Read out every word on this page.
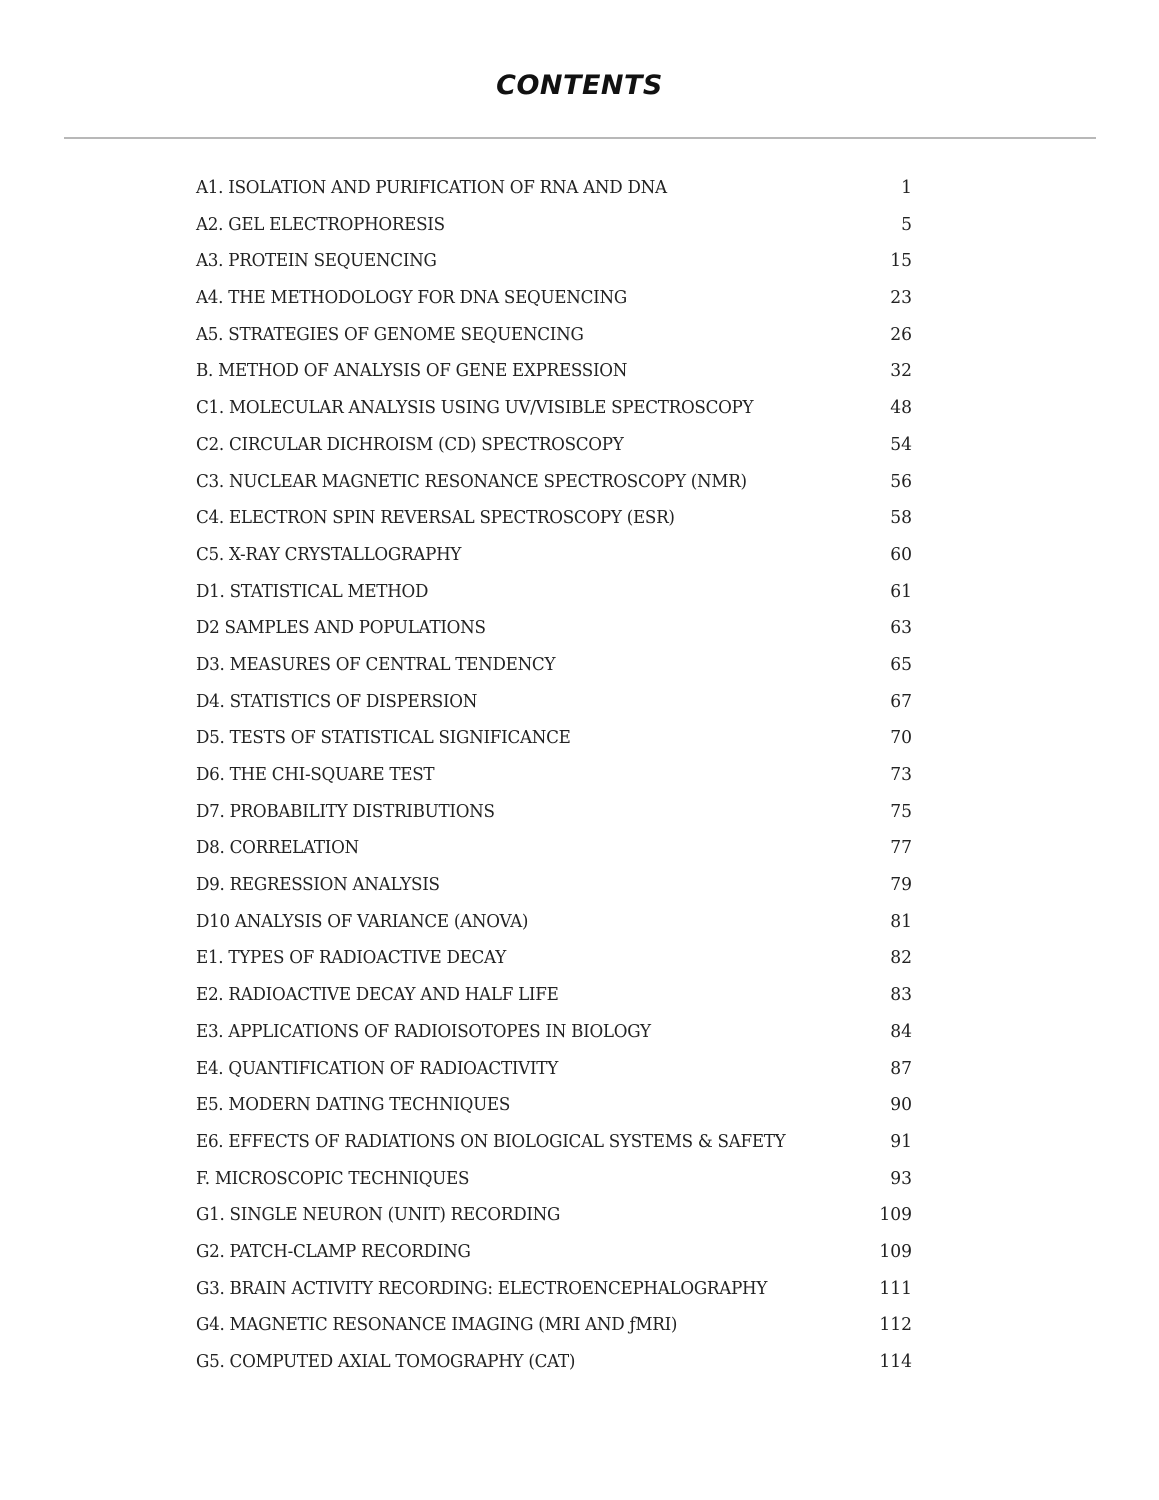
CONTENTS
A1. ISOLATION AND PURIFICATION OF RNA AND DNA	1
A2. GEL ELECTROPHORESIS	5
A3. PROTEIN SEQUENCING	15
A4. THE METHODOLOGY FOR DNA SEQUENCING	23
A5. STRATEGIES OF GENOME SEQUENCING	26
B. METHOD OF ANALYSIS OF GENE EXPRESSION	32
C1. MOLECULAR ANALYSIS USING UV/VISIBLE SPECTROSCOPY	48
C2. CIRCULAR DICHROISM (CD) SPECTROSCOPY	54
C3. NUCLEAR MAGNETIC RESONANCE SPECTROSCOPY (NMR)	56
C4. ELECTRON SPIN REVERSAL SPECTROSCOPY (ESR)	58
C5. X-RAY CRYSTALLOGRAPHY	60
D1. STATISTICAL METHOD	61
D2 SAMPLES AND POPULATIONS	63
D3. MEASURES OF CENTRAL TENDENCY	65
D4. STATISTICS OF DISPERSION	67
D5. TESTS OF STATISTICAL SIGNIFICANCE	70
D6. THE CHI-SQUARE TEST	73
D7. PROBABILITY DISTRIBUTIONS	75
D8. CORRELATION	77
D9. REGRESSION ANALYSIS	79
D10 ANALYSIS OF VARIANCE (ANOVA)	81
E1. TYPES OF RADIOACTIVE DECAY	82
E2. RADIOACTIVE DECAY AND HALF LIFE	83
E3. APPLICATIONS OF RADIOISOTOPES IN BIOLOGY	84
E4. QUANTIFICATION OF RADIOACTIVITY	87
E5. MODERN DATING TECHNIQUES	90
E6. EFFECTS OF RADIATIONS ON BIOLOGICAL SYSTEMS & SAFETY	91
F. MICROSCOPIC TECHNIQUES	93
G1. SINGLE NEURON (UNIT) RECORDING	109
G2. PATCH-CLAMP RECORDING	109
G3. BRAIN ACTIVITY RECORDING: ELECTROENCEPHALOGRAPHY	111
G4. MAGNETIC RESONANCE IMAGING (MRI AND ƒMRI)	112
G5. COMPUTED AXIAL TOMOGRAPHY (CAT)	114
